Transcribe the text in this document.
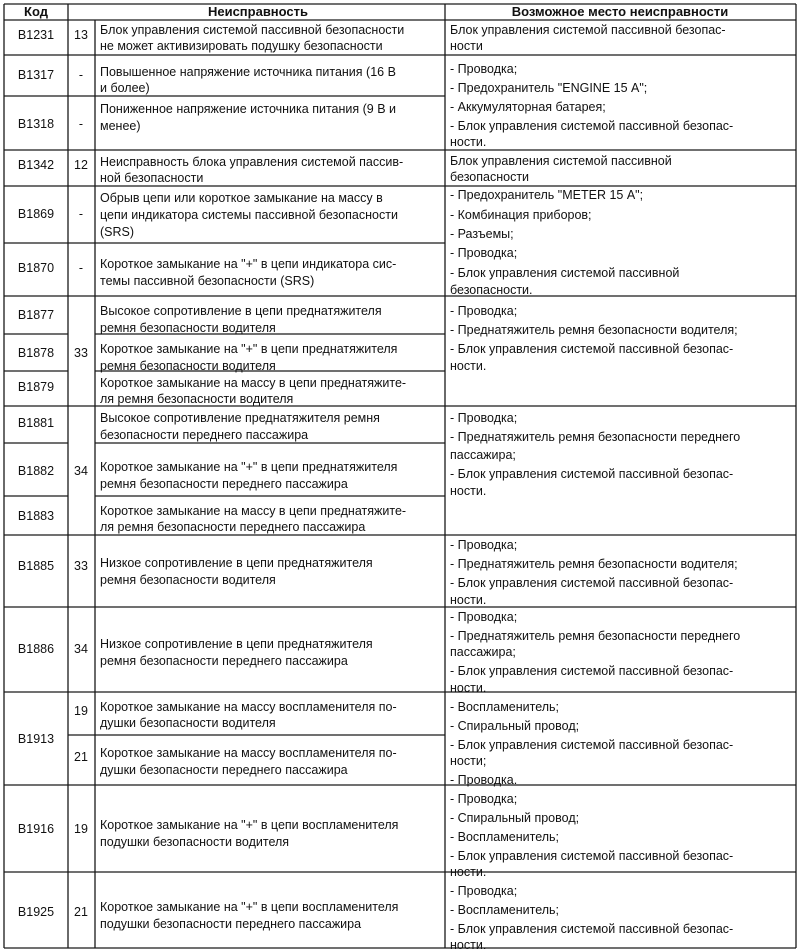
Код	Неисправность	Возможное место неисправности
B1231
B1317
B1318
B1342
B1869
B1870
B1877
B1878
B1879
B1881
B1882
B1883
B1885
B1886
B1913
B1916
B1925
13
-
-
12
-
-
33
34
33
34
19
21
19
21
Блок управления системой пассивной безопасности
не может активизировать подушку безопасности
Повышенное напряжение источника питания (16 В
и более)
Пониженное напряжение источника питания (9 В и
менее)
Неисправность блока управления системой пассив-
ной безопасности
Обрыв цепи или короткое замыкание на массу в
цепи индикатора системы пассивной безопасности
(SRS)
Короткое замыкание на "+" в цепи индикатора сис-
темы пассивной безопасности (SRS)
Высокое сопротивление в цепи преднатяжителя
ремня безопасности водителя
Короткое замыкание на "+" в цепи преднатяжителя
ремня безопасности водителя
Короткое замыкание на массу в цепи преднатяжите-
ля ремня безопасности водителя
Высокое сопротивление преднатяжителя ремня
безопасности переднего пассажира
Короткое замыкание на "+" в цепи преднатяжителя
ремня безопасности переднего пассажира
Короткое замыкание на массу в цепи преднатяжите-
ля ремня безопасности переднего пассажира
Низкое сопротивление в цепи преднатяжителя
ремня безопасности водителя
Низкое сопротивление в цепи преднатяжителя
ремня безопасности переднего пассажира
Короткое замыкание на массу воспламенителя по-
душки безопасности водителя
Короткое замыкание на массу воспламенителя по-
душки безопасности переднего пассажира
Короткое замыкание на "+" в цепи воспламенителя
подушки безопасности водителя
Короткое замыкание на "+" в цепи воспламенителя
подушки безопасности переднего пассажира
Блок управления системой пассивной безопас-
ности
- Проводка;
- Предохранитель "ENGINE 15 А";
- Аккумуляторная батарея;
- Блок управления системой пассивной безопас-
ности.
Блок управления системой пассивной
безопасности
- Предохранитель "METER 15 А";
- Комбинация приборов;
- Разъемы;
- Проводка;
- Блок управления системой пассивной
безопасности.
- Проводка;
- Преднатяжитель ремня безопасности водителя;
- Блок управления системой пассивной безопас-
ности.
- Проводка;
- Преднатяжитель ремня безопасности переднего
пассажира;
- Блок управления системой пассивной безопас-
ности.
- Проводка;
- Преднатяжитель ремня безопасности водителя;
- Блок управления системой пассивной безопас-
ности.
- Проводка;
- Преднатяжитель ремня безопасности переднего
пассажира;
- Блок управления системой пассивной безопас-
ности.
- Воспламенитель;
- Спиральный провод;
- Блок управления системой пассивной безопас-
ности;
- Проводка.
- Проводка;
- Спиральный провод;
- Воспламенитель;
- Блок управления системой пассивной безопас-
ности.
- Проводка;
- Воспламенитель;
- Блок управления системой пассивной безопас-
ности.
